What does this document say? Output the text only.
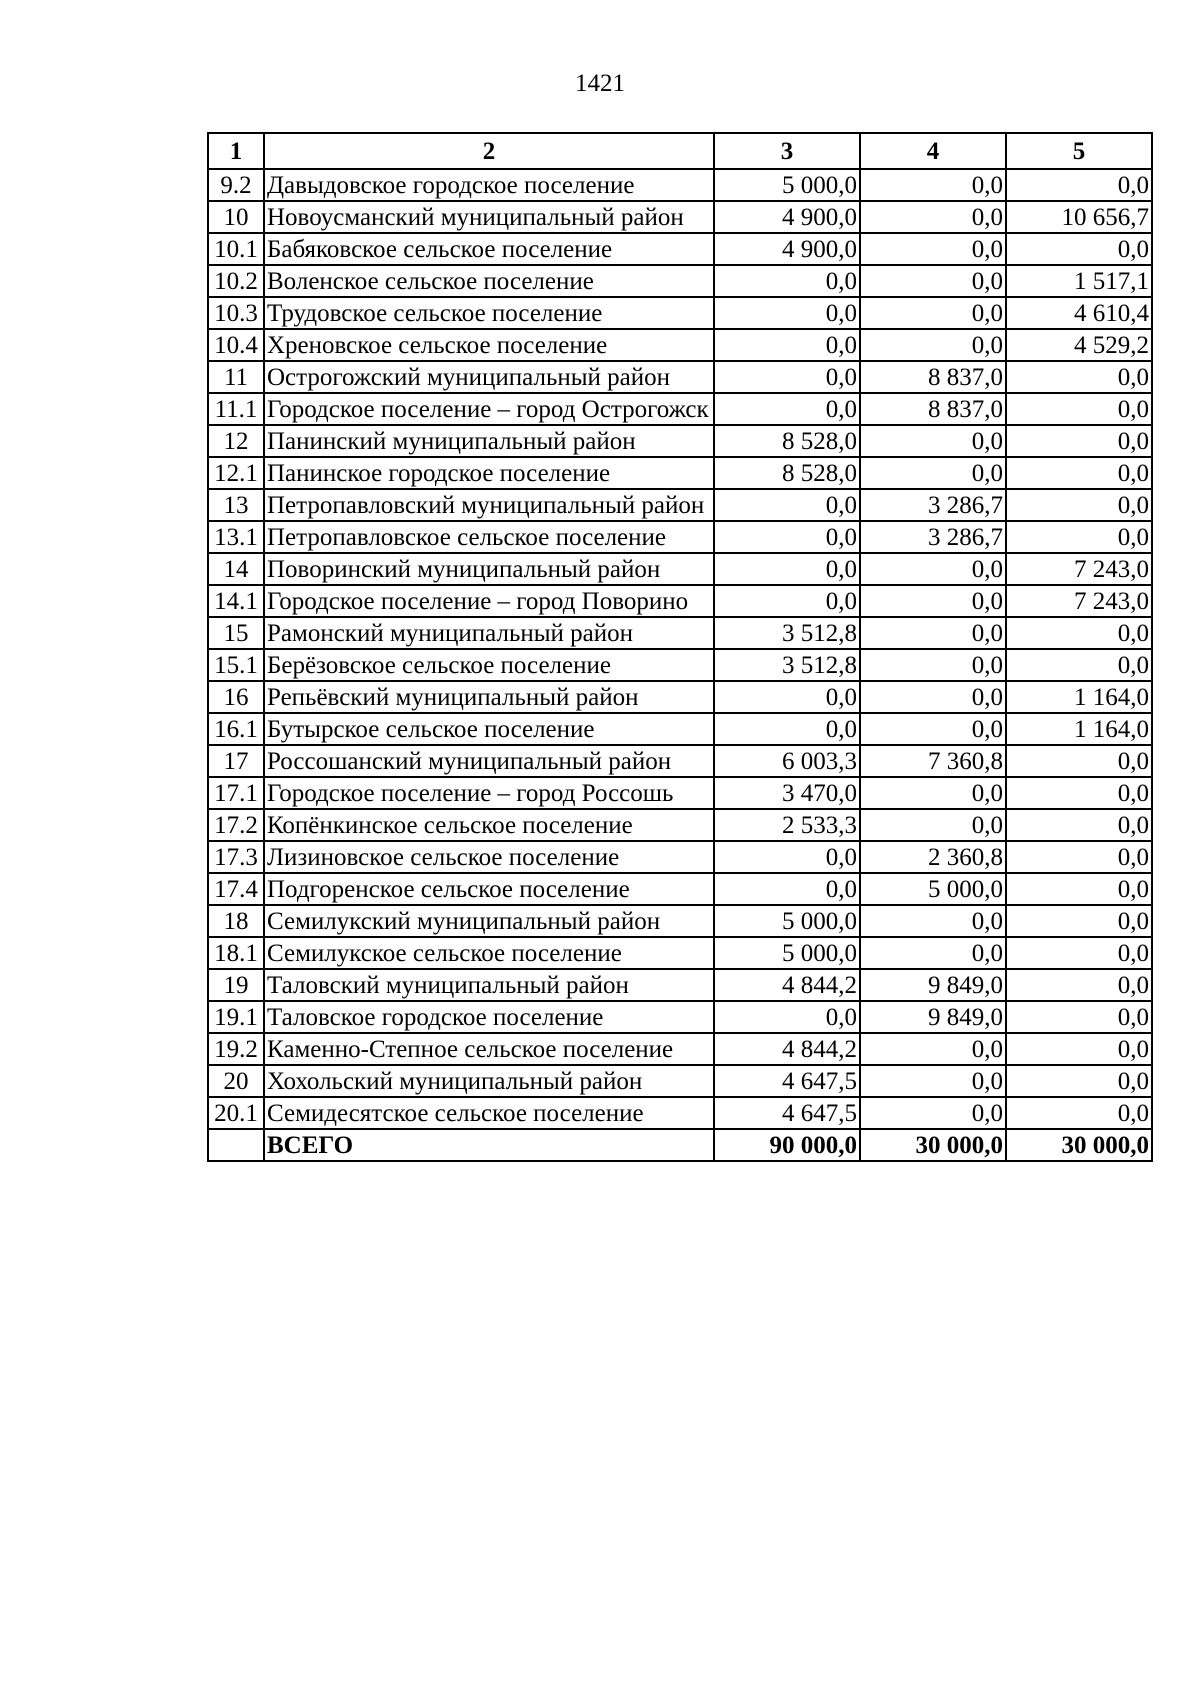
1421
1	2	3	4	5
9.2	Давыдовское городское поселение	5 000,0	0,0	0,0
10	Новоусманский муниципальный район	4 900,0	0,0	10 656,7
10.1	Бабяковское сельское поселение	4 900,0	0,0	0,0
10.2	Воленское сельское поселение	0,0	0,0	1 517,1
10.3	Трудовское сельское поселение	0,0	0,0	4 610,4
10.4	Хреновское сельское поселение	0,0	0,0	4 529,2
11	Острогожский муниципальный район	0,0	8 837,0	0,0
11.1	Городское поселение – город Острогожск	0,0	8 837,0	0,0
12	Панинский муниципальный район	8 528,0	0,0	0,0
12.1	Панинское городское поселение	8 528,0	0,0	0,0
13	Петропавловский муниципальный район	0,0	3 286,7	0,0
13.1	Петропавловское сельское поселение	0,0	3 286,7	0,0
14	Поворинский муниципальный район	0,0	0,0	7 243,0
14.1	Городское поселение – город Поворино	0,0	0,0	7 243,0
15	Рамонский муниципальный район	3 512,8	0,0	0,0
15.1	Берёзовское сельское поселение	3 512,8	0,0	0,0
16	Репьёвский муниципальный район	0,0	0,0	1 164,0
16.1	Бутырское сельское поселение	0,0	0,0	1 164,0
17	Россошанский муниципальный район	6 003,3	7 360,8	0,0
17.1	Городское поселение – город Россошь	3 470,0	0,0	0,0
17.2	Копёнкинское сельское поселение	2 533,3	0,0	0,0
17.3	Лизиновское сельское поселение	0,0	2 360,8	0,0
17.4	Подгоренское сельское поселение	0,0	5 000,0	0,0
18	Семилукский муниципальный район	5 000,0	0,0	0,0
18.1	Семилукское сельское поселение	5 000,0	0,0	0,0
19	Таловский муниципальный район	4 844,2	9 849,0	0,0
19.1	Таловское городское поселение	0,0	9 849,0	0,0
19.2	Каменно-Степное сельское поселение	4 844,2	0,0	0,0
20	Хохольский муниципальный район	4 647,5	0,0	0,0
20.1	Семидесятское сельское поселение	4 647,5	0,0	0,0
	ВСЕГО	90 000,0	30 000,0	30 000,0
